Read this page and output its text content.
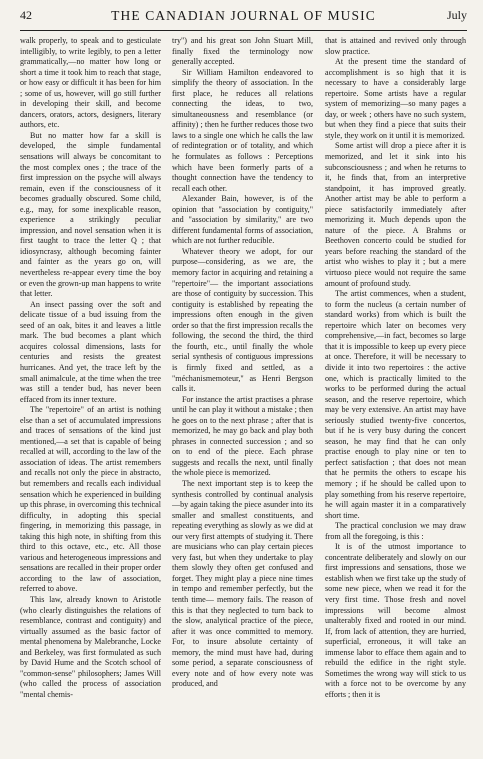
42	THE CANADIAN JOURNAL OF MUSIC	July

walk properly, to speak and to gesticulate intelligibly, to write legibly, to pen a letter grammatically,—no matter how long or short a time it took him to reach that stage, or how easy or difficult it has been for him ; some of us, however, will go still further in developing their skill, and become dancers, orators, actors, designers, literary authors, etc.

But no matter how far a skill is developed, the simple fundamental sensations will always be concomitant to the most complex ones ; the trace of the first impression on the psyche will always remain, even if the consciousness of it becomes gradually obscured. Some child, e.g., may, for some inexplicable reason, experience a strikingly peculiar impression, and novel sensation when it is first taught to trace the letter Q ; that idiosyncrasy, although becoming fainter and fainter as the years go on, will nevertheless re-appear every time the boy or even the grown-up man happens to write that letter.

An insect passing over the soft and delicate tissue of a bud issuing from the seed of an oak, bites it and leaves a little mark. The bud becomes a plant which acquires colossal dimensions, lasts for centuries and resists the greatest hurricanes. And yet, the trace left by the small animalcule, at the time when the tree was still a tender bud, has never been effaced from its inner texture.

The "repertoire" of an artist is nothing else than a set of accumulated impressions and traces of sensations of the kind just mentioned,—a set that is capable of being recalled at will, according to the law of the association of ideas. The artist remembers and recalls not only the piece in abstracto, but remembers and recalls each individual sensation which he experienced in building up this phrase, in overcoming this technical difficulty, in adopting this special fingering, in memorizing this passage, in taking this high note, in shifting from this third to this octave, etc., etc. All those various and heterogeneous impressions and sensations are recalled in their proper order according to the law of association, referred to above.

This law, already known to Aristotle (who clearly distinguishes the relations of resemblance, contrast and contiguity) and virtually assumed as the basic factor of mental phenomena by Malebranche, Locke and Berkeley, was first formulated as such by David Hume and the Scotch school of "common-sense" philosophers; James Will (who called the process of association "mental chemis-

try") and his great son John Stuart Mill, finally fixed the terminology now generally accepted.

Sir William Hamilton endeavored to simplify the theory of association. In the first place, he reduces all relations connecting the ideas, to two, simultaneousness and resemblance (or affinity) ; then he further reduces those two laws to a single one which he calls the law of redintegration or of totality, and which he formulates as follows : Perceptions which have been formerly parts of a thought connection have the tendency to recall each other.

Alexander Bain, however, is of the opinion that "association by contiguity," and "association by similarity," are two different fundamental forms of association, which are not further reducible.

Whatever theory we adopt, for our purpose—considering, as we are, the memory factor in acquiring and retaining a "repertoire"— the important associations are those of contiguity by succession. This contiguity is established by repeating the impressions often enough in the given order so that the first impression recalls the following, the second the third, the third the fourth, etc., until finally the whole serial synthesis of contiguous impressions is firmly fixed and settled, as a "méchanismemoteur," as Henri Bergson calls it.

For instance the artist practises a phrase until he can play it without a mistake ; then he goes on to the next phrase ; after that is memorized, he may go back and play both phrases in connected succession ; and so on to end of the piece. Each phrase suggests and recalls the next, until finally the whole piece is memorized.

The next important step is to keep the synthesis controlled by continual analysis—by again taking the piece asunder into its smaller and smallest constituents, and repeating everything as slowly as we did at our very first attempts of studying it. There are musicians who can play certain pieces very fast, but when they undertake to play them slowly they often get confused and forget. They might play a piece nine times in tempo and remember perfectly, but the tenth time— memory fails. The reason of this is that they neglected to turn back to the slow, analytical practice of the piece, after it was once committed to memory. For, to insure absolute certainty of memory, the mind must have had, during some period, a separate consciousness of every note and of how every note was produced, and

that is attained and revived only through slow practice.

At the present time the standard of accomplishment is so high that it is necessary to have a considerably large repertoire. Some artists have a regular system of memorizing—so many pages a day, or week ; others have no such system, but when they find a piece that suits their style, they work on it until it is memorized.

Some artist will drop a piece after it is memorized, and let it sink into his subconsciousness ; and when he returns to it, he finds that, from an interpretive standpoint, it has improved greatly. Another artist may be able to perform a piece satisfactorily immediately after memorizing it. Much depends upon the nature of the piece. A Brahms or Beethoven concerto could be studied for years before reaching the standard of the artist who wishes to play it ; but a mere virtuoso piece would not require the same amount of profound study.

The artist commences, when a student, to form the nucleus (a certain number of standard works) from which is built the repertoire which later on becomes very comprehensive,—in fact, becomes so large that it is impossible to keep up every piece at once. Therefore, it will be necessary to divide it into two repertoires : the active one, which is practically limited to the works to be performed during the actual season, and the reserve repertoire, which may be very extensive. An artist may have seriously studied twenty-five concertos, but if he is very busy during the concert season, he may find that he can only practise enough to play nine or ten to perfect satisfaction ; that does not mean that he permits the others to escape his memory ; if he should be called upon to play something from his reserve repertoire, he will again master it in a comparatively short time.

The practical conclusion we may draw from all the foregoing, is this :

It is of the utmost importance to concentrate deliberately and slowly on our first impressions and sensations, those we establish when we first take up the study of some new piece, when we read it for the very first time. Those fresh and novel impressions will become almost unalterably fixed and rooted in our mind. If, from lack of attention, they are hurried, superficial, erroneous, it will take an immense labor to efface them again and to rebuild the edifice in the right style. Sometimes the wrong way will stick to us with a force not to be overcome by any efforts ; then it is
